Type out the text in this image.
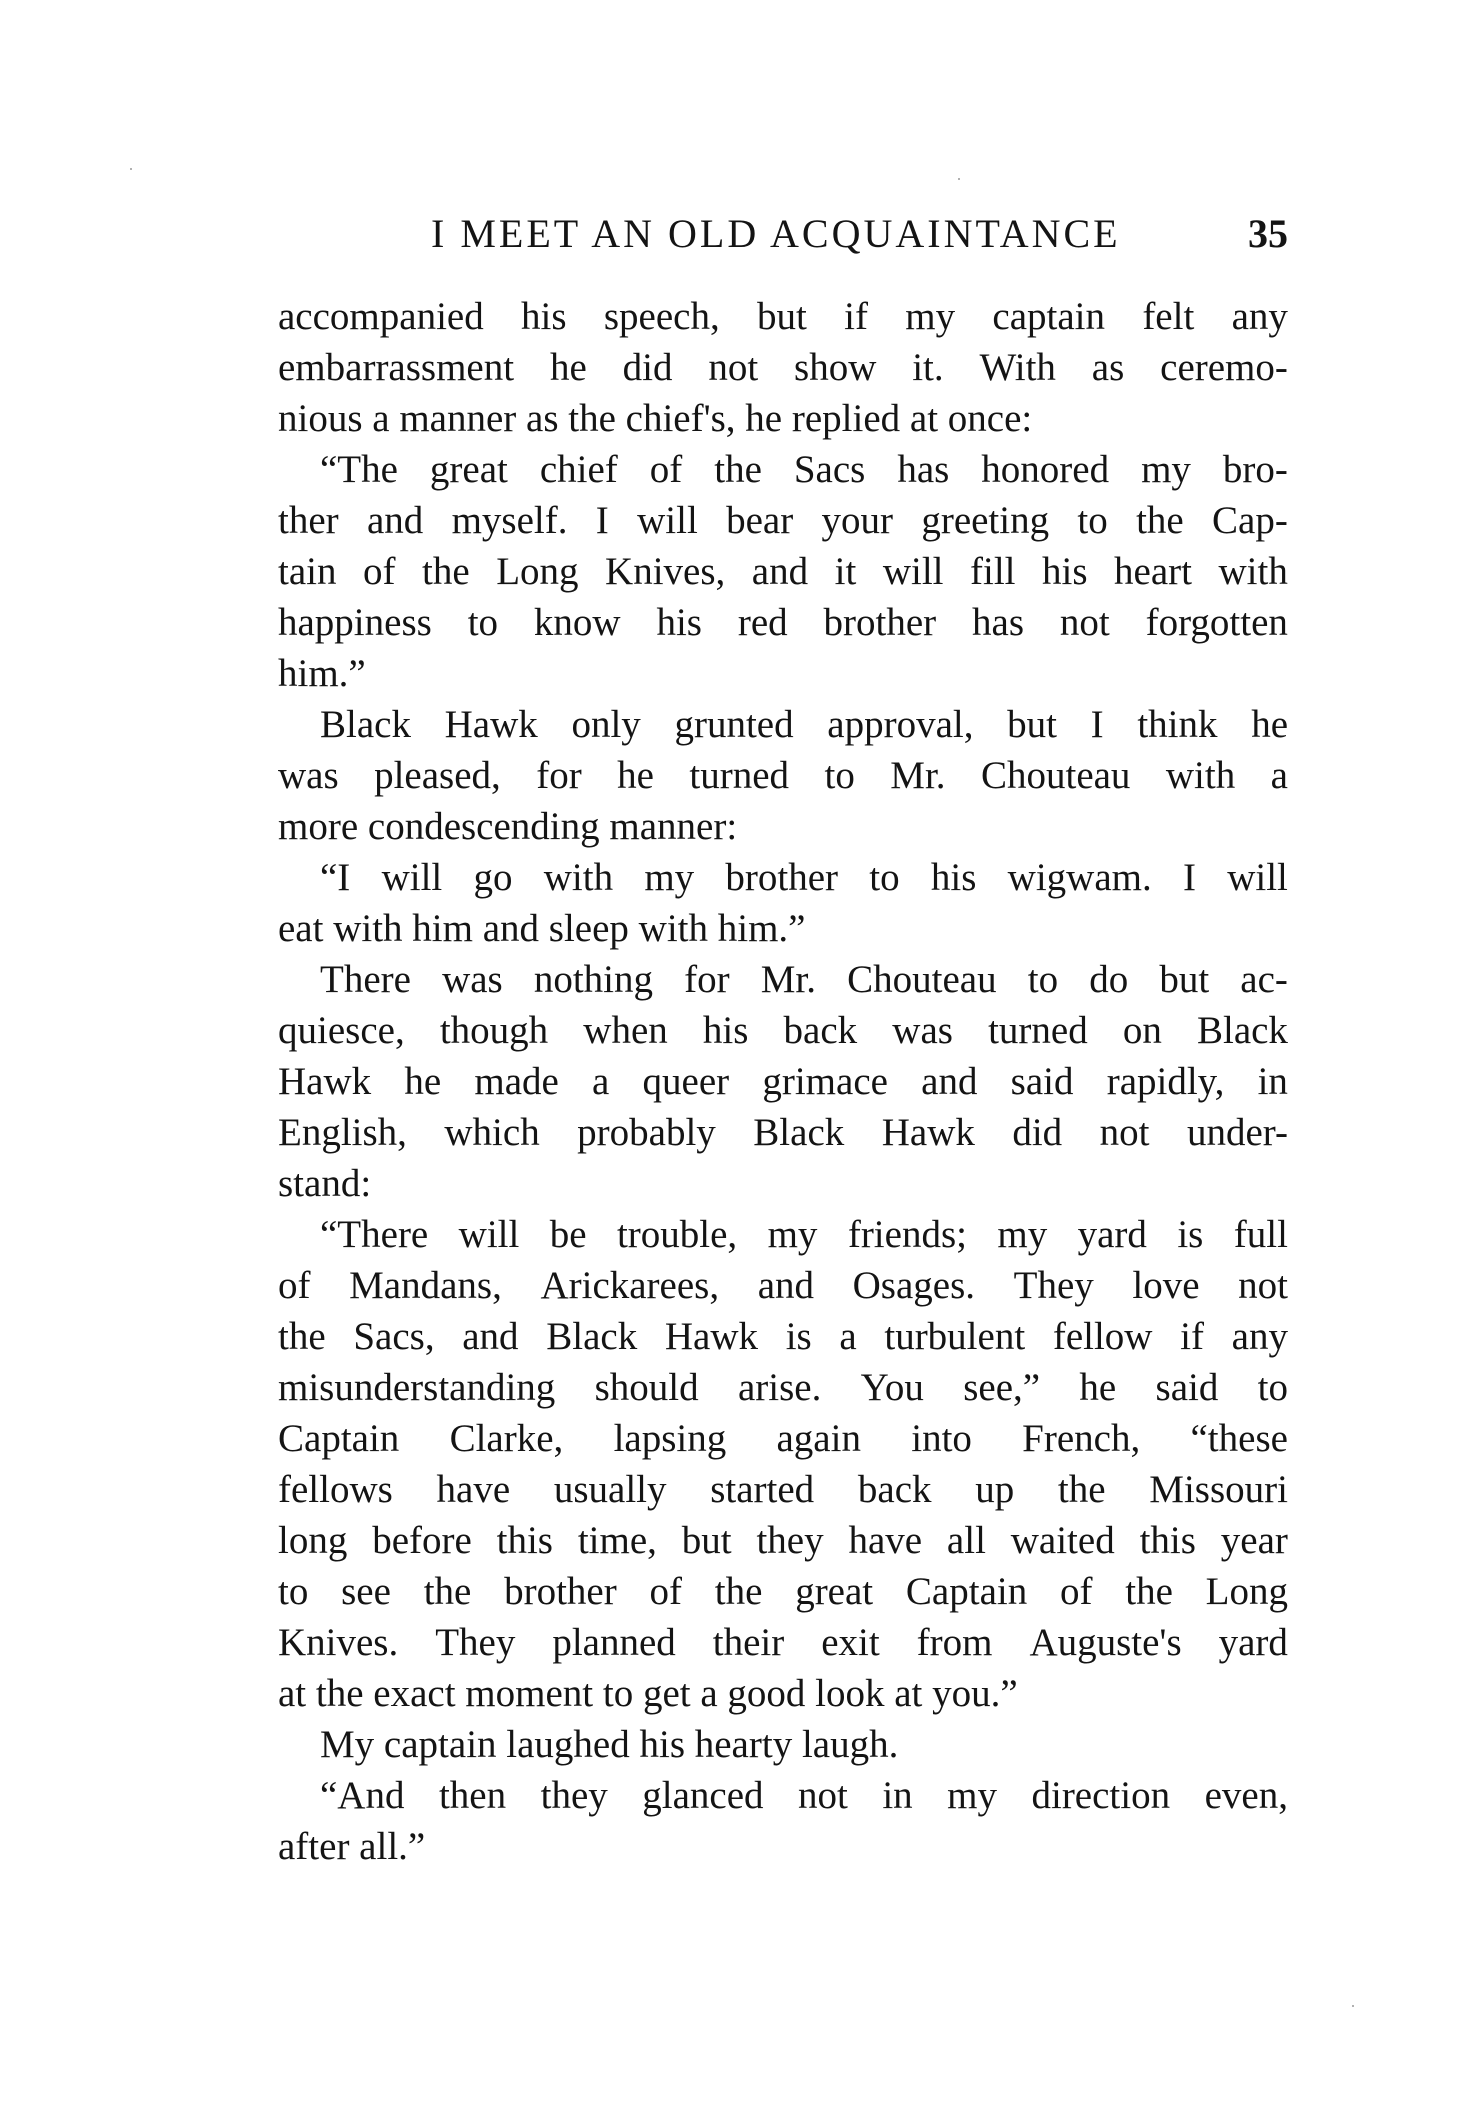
I MEET AN OLD ACQUAINTANCE	35
accompanied his speech, but if my captain felt any
embarrassment he did not show it. With as ceremo-
nious a manner as the chief's, he replied at once:
“The great chief of the Sacs has honored my bro-
ther and myself. I will bear your greeting to the Cap-
tain of the Long Knives, and it will fill his heart with
happiness to know his red brother has not forgotten
him.”
Black Hawk only grunted approval, but I think he
was pleased, for he turned to Mr. Chouteau with a
more condescending manner:
“I will go with my brother to his wigwam. I will
eat with him and sleep with him.”
There was nothing for Mr. Chouteau to do but ac-
quiesce, though when his back was turned on Black
Hawk he made a queer grimace and said rapidly, in
English, which probably Black Hawk did not under-
stand:
“There will be trouble, my friends; my yard is full
of Mandans, Arickarees, and Osages. They love not
the Sacs, and Black Hawk is a turbulent fellow if any
misunderstanding should arise. You see,” he said to
Captain Clarke, lapsing again into French, “these
fellows have usually started back up the Missouri
long before this time, but they have all waited this year
to see the brother of the great Captain of the Long
Knives. They planned their exit from Auguste's yard
at the exact moment to get a good look at you.”
My captain laughed his hearty laugh.
“And then they glanced not in my direction even,
after all.”
